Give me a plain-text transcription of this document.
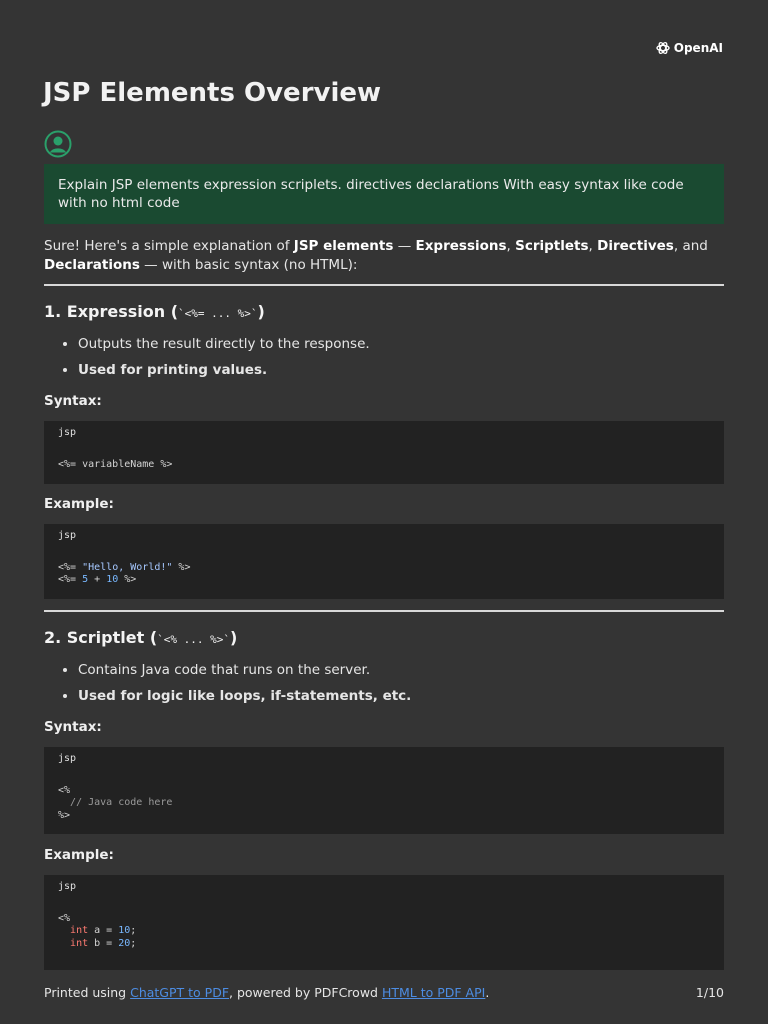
OpenAI
JSP Elements Overview
Explain JSP elements expression scriplets. directives declarations With easy syntax like code with no html code

Sure! Here's a simple explanation of JSP elements — Expressions, Scriptlets, Directives, and Declarations — with basic syntax (no HTML):

1. Expression (`<%= ... %>`)
• Outputs the result directly to the response.
• Used for printing values.

Syntax:

jsp
<%= variableName %>

Example:

jsp
<%= "Hello, World!" %>
<%= 5 + 10 %>
2. Scriptlet (`<% ... %>`)
• Contains Java code that runs on the server.
• Used for logic like loops, if-statements, etc.

Syntax:

jsp
<%
// Java code here
%>

Example:

jsp
<%
int a = 10;
int b = 20;
Printed using ChatGPT to PDF, powered by PDFCrowd HTML to PDF API.	1/10
